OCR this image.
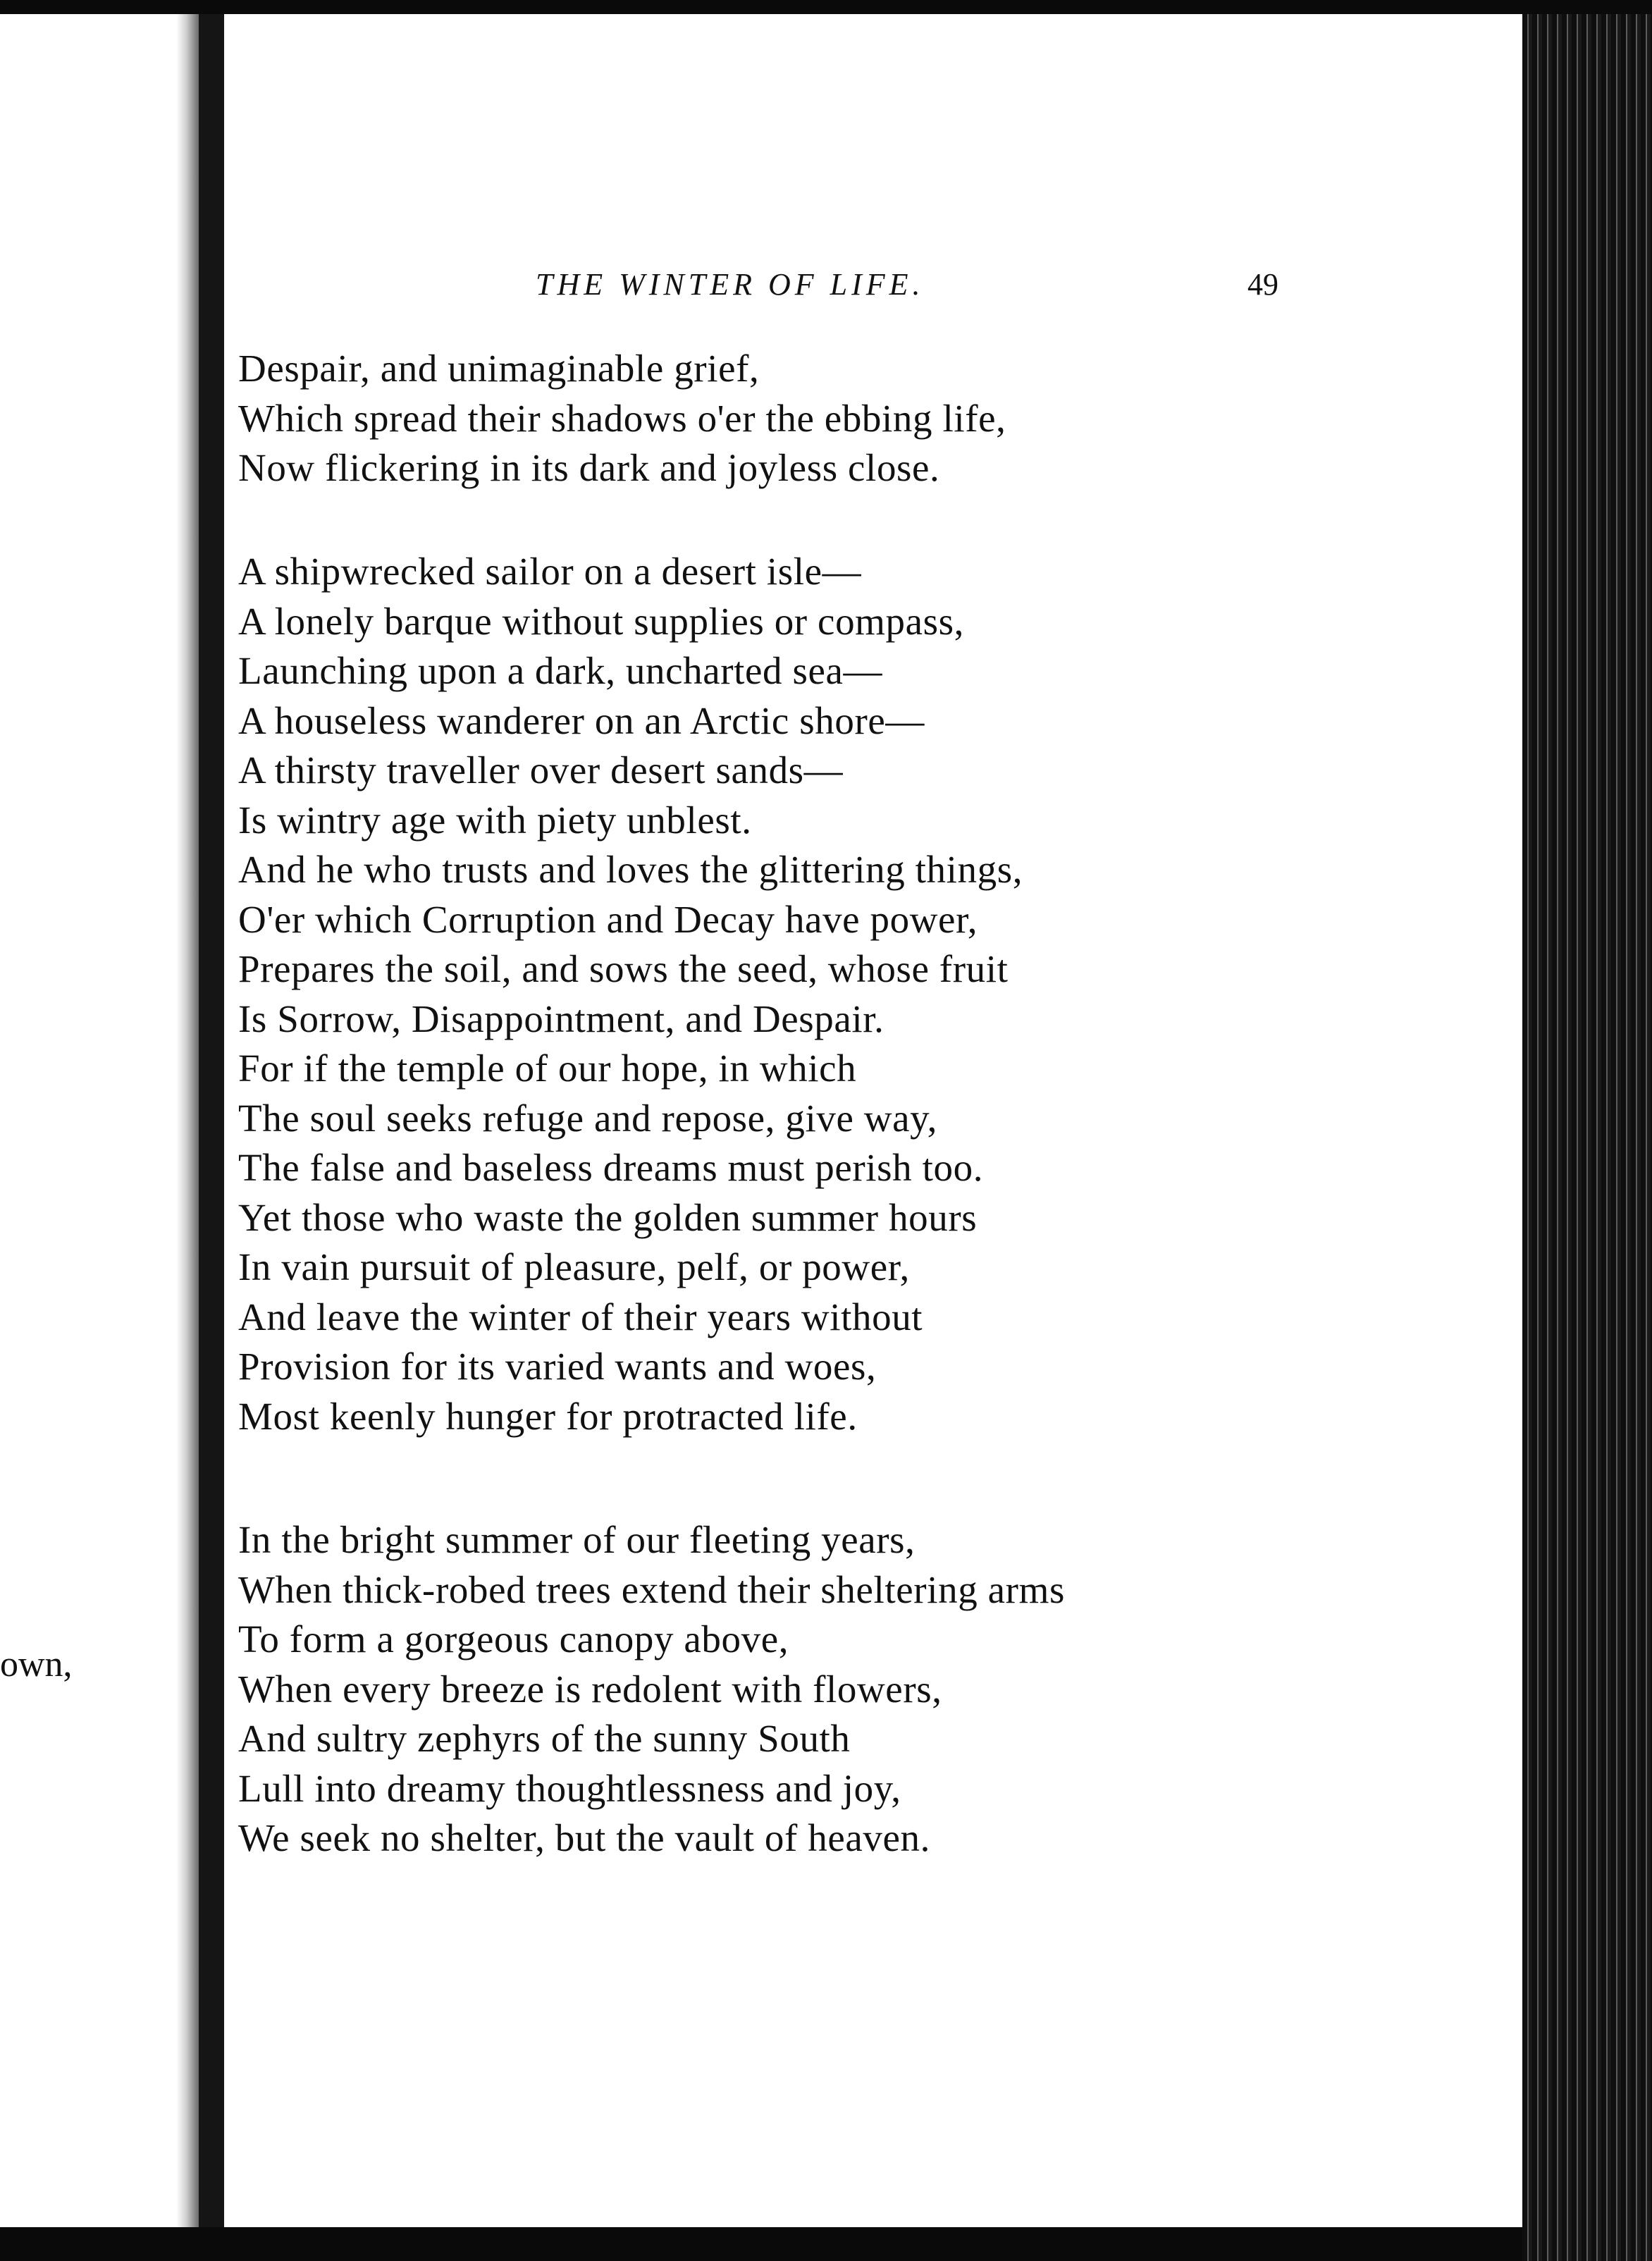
own,
THE WINTER OF LIFE.	49
Despair, and unimaginable grief,
Which spread their shadows o'er the ebbing life,
Now flickering in its dark and joyless close.
A shipwrecked sailor on a desert isle—
A lonely barque without supplies or compass,
Launching upon a dark, uncharted sea—
A houseless wanderer on an Arctic shore—
A thirsty traveller over desert sands—
Is wintry age with piety unblest.
And he who trusts and loves the glittering things,
O'er which Corruption and Decay have power,
Prepares the soil, and sows the seed, whose fruit
Is Sorrow, Disappointment, and Despair.
For if the temple of our hope, in which
The soul seeks refuge and repose, give way,
The false and baseless dreams must perish too.
Yet those who waste the golden summer hours
In vain pursuit of pleasure, pelf, or power,
And leave the winter of their years without
Provision for its varied wants and woes,
Most keenly hunger for protracted life.
In the bright summer of our fleeting years,
When thick-robed trees extend their sheltering arms
To form a gorgeous canopy above,
When every breeze is redolent with flowers,
And sultry zephyrs of the sunny South
Lull into dreamy thoughtlessness and joy,
We seek no shelter, but the vault of heaven.
